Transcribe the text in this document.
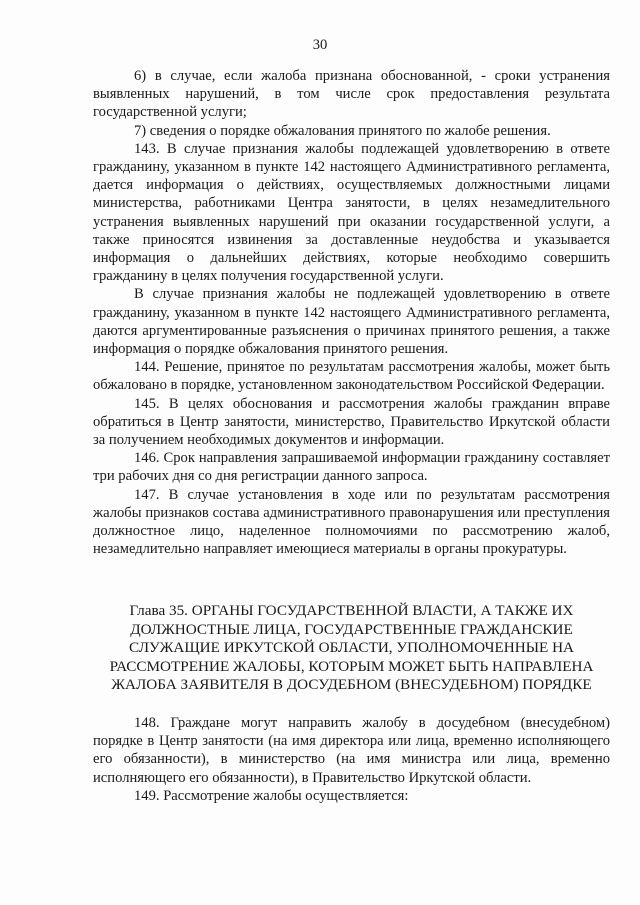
30

6) в случае, если жалоба признана обоснованной, - сроки устранения выявленных нарушений, в том числе срок предоставления результата государственной услуги;

7) сведения о порядке обжалования принятого по жалобе решения.

143. В случае признания жалобы подлежащей удовлетворению в ответе гражданину, указанном в пункте 142 настоящего Административного регламента, дается информация о действиях, осуществляемых должностными лицами министерства, работниками Центра занятости, в целях незамедлительного устранения выявленных нарушений при оказании государственной услуги, а также приносятся извинения за доставленные неудобства и указывается информация о дальнейших действиях, которые необходимо совершить гражданину в целях получения государственной услуги.

В случае признания жалобы не подлежащей удовлетворению в ответе гражданину, указанном в пункте 142 настоящего Административного регламента, даются аргументированные разъяснения о причинах принятого решения, а также информация о порядке обжалования принятого решения.

144. Решение, принятое по результатам рассмотрения жалобы, может быть обжаловано в порядке, установленном законодательством Российской Федерации.

145. В целях обоснования и рассмотрения жалобы гражданин вправе обратиться в Центр занятости, министерство, Правительство Иркутской области за получением необходимых документов и информации.

146. Срок направления запрашиваемой информации гражданину составляет три рабочих дня со дня регистрации данного запроса.

147. В случае установления в ходе или по результатам рассмотрения жалобы признаков состава административного правонарушения или преступления должностное лицо, наделенное полномочиями по рассмотрению жалоб, незамедлительно направляет имеющиеся материалы в органы прокуратуры.

Глава 35. ОРГАНЫ ГОСУДАРСТВЕННОЙ ВЛАСТИ, А ТАКЖЕ ИХ ДОЛЖНОСТНЫЕ ЛИЦА, ГОСУДАРСТВЕННЫЕ ГРАЖДАНСКИЕ СЛУЖАЩИЕ ИРКУТСКОЙ ОБЛАСТИ, УПОЛНОМОЧЕННЫЕ НА РАССМОТРЕНИЕ ЖАЛОБЫ, КОТОРЫМ МОЖЕТ БЫТЬ НАПРАВЛЕНА ЖАЛОБА ЗАЯВИТЕЛЯ В ДОСУДЕБНОМ (ВНЕСУДЕБНОМ) ПОРЯДКЕ

148. Граждане могут направить жалобу в досудебном (внесудебном) порядке в Центр занятости (на имя директора или лица, временно исполняющего его обязанности), в министерство (на имя министра или лица, временно исполняющего его обязанности), в Правительство Иркутской области.

149. Рассмотрение жалобы осуществляется:
